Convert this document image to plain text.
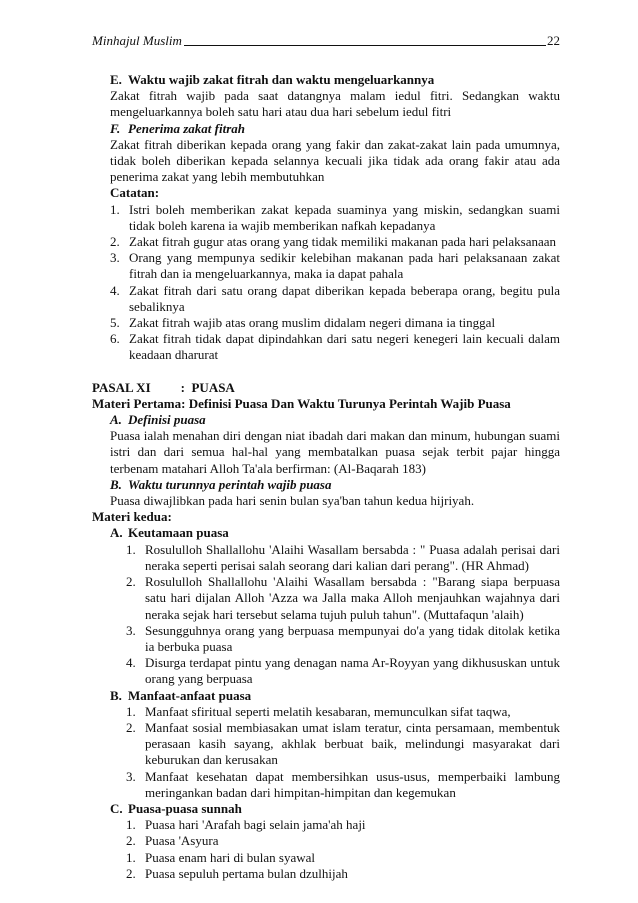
Minhajul Muslim	22
E. Waktu wajib zakat fitrah dan waktu mengeluarkannya
Zakat fitrah wajib pada saat datangnya malam iedul fitri. Sedangkan waktu mengeluarkannya boleh satu hari atau dua hari sebelum iedul fitri
F. Penerima zakat fitrah
Zakat fitrah diberikan kepada orang yang fakir dan zakat-zakat lain pada umumnya, tidak boleh diberikan kepada selannya kecuali jika tidak ada orang fakir atau ada penerima zakat yang lebih membutuhkan
Catatan:
1. Istri boleh memberikan zakat kepada suaminya yang miskin, sedangkan suami tidak boleh karena ia wajib memberikan nafkah kepadanya
2. Zakat fitrah gugur atas orang yang tidak memiliki makanan pada hari pelaksanaan
3. Orang yang mempunya sedikir kelebihan makanan pada hari pelaksanaan zakat fitrah dan ia mengeluarkannya, maka ia dapat pahala
4. Zakat fitrah dari satu orang dapat diberikan kepada beberapa orang, begitu pula sebaliknya
5. Zakat fitrah wajib atas orang muslim didalam negeri dimana ia tinggal
6. Zakat fitrah tidak dapat dipindahkan dari satu negeri kenegeri lain kecuali dalam keadaan dharurat
PASAL XI : PUASA
Materi Pertama: Definisi Puasa Dan Waktu Turunya Perintah Wajib Puasa
A. Definisi puasa
Puasa ialah menahan diri dengan niat ibadah dari makan dan minum, hubungan suami istri dan dari semua hal-hal yang membatalkan puasa sejak terbit pajar hingga terbenam matahari Alloh Ta'ala berfirman: (Al-Baqarah 183)
B. Waktu turunnya perintah wajib puasa
Puasa diwajlibkan pada hari senin bulan sya'ban tahun kedua hijriyah.
Materi kedua:
A. Keutamaan puasa
1. Rosululloh Shallallohu 'Alaihi Wasallam bersabda : " Puasa adalah perisai dari neraka seperti perisai salah seorang dari kalian dari perang". (HR Ahmad)
2. Rosululloh Shallallohu 'Alaihi Wasallam bersabda : "Barang siapa berpuasa satu hari dijalan Alloh 'Azza wa Jalla maka Alloh menjauhkan wajahnya dari neraka sejak hari tersebut selama tujuh puluh tahun". (Muttafaqun 'alaih)
3. Sesungguhnya orang yang berpuasa mempunyai do'a yang tidak ditolak ketika ia berbuka puasa
4. Disurga terdapat pintu yang denagan nama Ar-Royyan yang dikhususkan untuk orang yang berpuasa
B. Manfaat-anfaat puasa
1. Manfaat sfiritual seperti melatih kesabaran, memunculkan sifat taqwa,
2. Manfaat sosial membiasakan umat islam teratur, cinta persamaan, membentuk perasaan kasih sayang, akhlak berbuat baik, melindungi masyarakat dari keburukan dan kerusakan
3. Manfaat kesehatan dapat membersihkan usus-usus, memperbaiki lambung meringankan badan dari himpitan-himpitan dan kegemukan
C. Puasa-puasa sunnah
1. Puasa hari 'Arafah bagi selain jama'ah haji
2. Puasa 'Asyura
1. Puasa enam hari di bulan syawal
2. Puasa sepuluh pertama bulan dzulhijah
